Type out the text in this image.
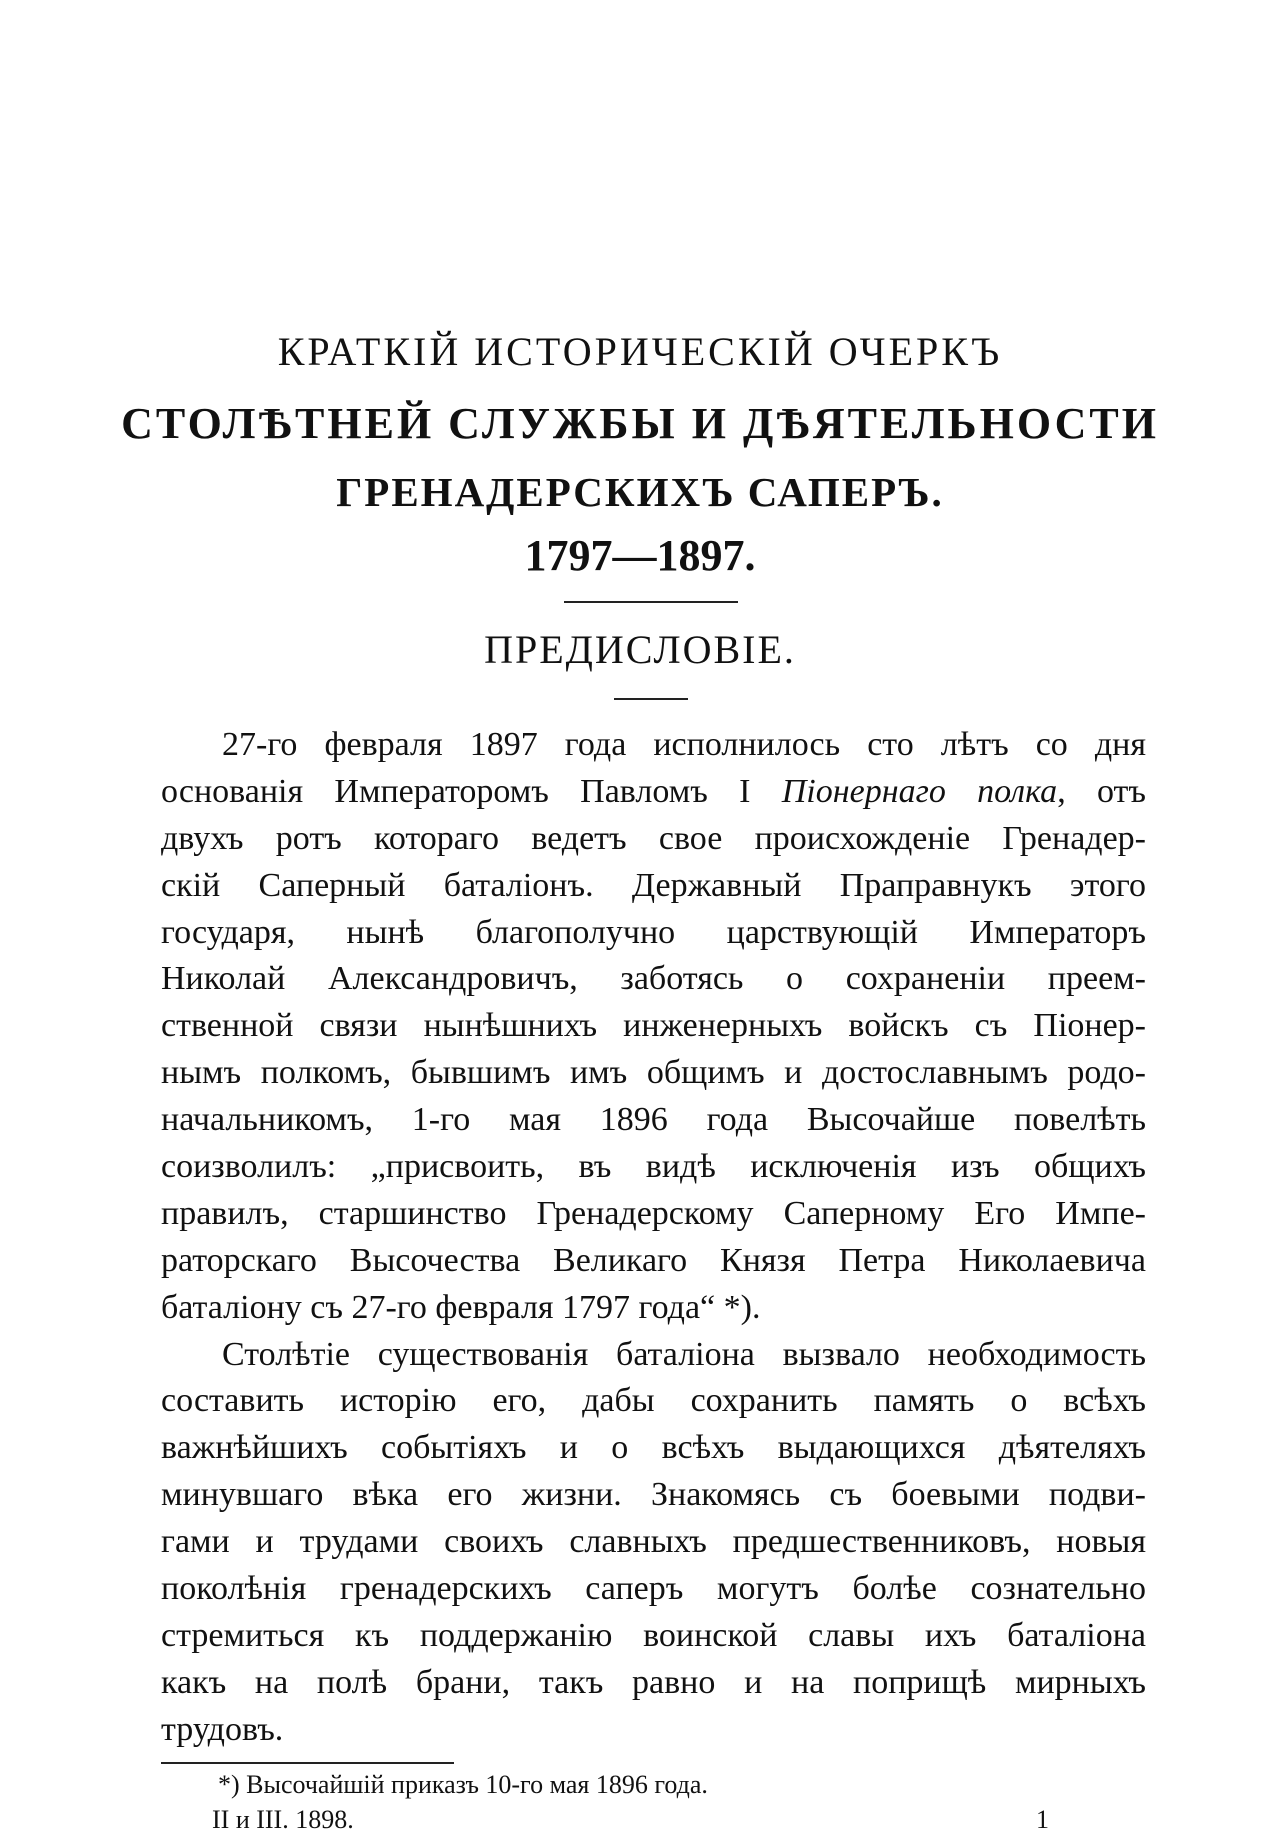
КРАТКІЙ ИСТОРИЧЕСКІЙ ОЧЕРКЪ
СТОЛѢТНЕЙ СЛУЖБЫ И ДѢЯТЕЛЬНОСТИ
ГРЕНАДЕРСКИХЪ САПЕРЪ.
1797—1897.
ПРЕДИСЛОВІЕ.
27-го февраля 1897 года исполнилось сто лѣтъ со дня
основанія Императоромъ Павломъ I Піонернаго полка, отъ
двухъ ротъ котораго ведетъ свое происхожденіе Гренадер-
скій Саперный баталіонъ. Державный Праправнукъ этого
государя, нынѣ благополучно царствующій Императоръ
Николай Александровичъ, заботясь о сохраненіи преем-
ственной связи нынѣшнихъ инженерныхъ войскъ съ Піонер-
нымъ полкомъ, бывшимъ имъ общимъ и достославнымъ родо-
начальникомъ, 1-го мая 1896 года Высочайше повелѣть
соизволилъ: „присвоить, въ видѣ исключенія изъ общихъ
правилъ, старшинство Гренадерскому Саперному Его Импе-
раторскаго Высочества Великаго Князя Петра Николаевича
баталіону съ 27-го февраля 1797 года“ *).
Столѣтіе существованія баталіона вызвало необходимость
составить исторію его, дабы сохранить память о всѣхъ
важнѣйшихъ событіяхъ и о всѣхъ выдающихся дѣятеляхъ
минувшаго вѣка его жизни. Знакомясь съ боевыми подви-
гами и трудами своихъ славныхъ предшественниковъ, новыя
поколѣнія гренадерскихъ саперъ могутъ болѣе сознательно
стремиться къ поддержанію воинской славы ихъ баталіона
какъ на полѣ брани, такъ равно и на поприщѣ мирныхъ
трудовъ.
*) Высочайшій приказъ 10-го мая 1896 года.
II и III. 1898.	1
